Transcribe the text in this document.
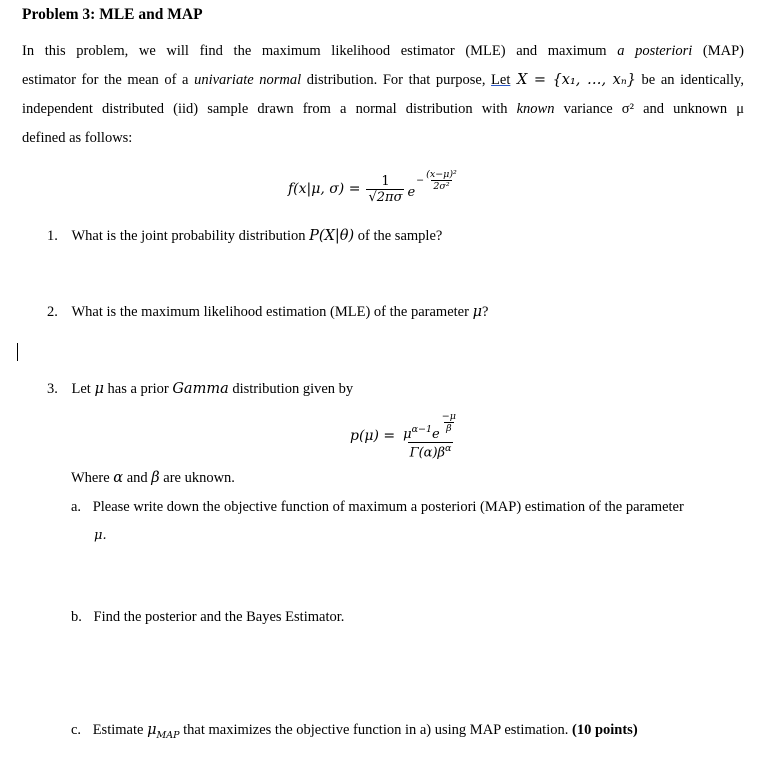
Problem 3: MLE and MAP
In this problem, we will find the maximum likelihood estimator (MLE) and maximum a posteriori (MAP)
estimator for the mean of a univariate normal distribution. For that purpose, Let X = {x₁, …, xₙ} be an identically,
independent distributed (iid) sample drawn from a normal distribution with known variance σ² and unknown μ
defined as follows:
f(x|μ, $\sigma) = \frac{1}{√2\pi\sigma}$ e
− $\frac{\text{(x−μ)²}}{\text{2σ²}}$
1. What is the joint probability distribution P(X|θ) of the sample?
2. What is the maximum likelihood estimation (MLE) of the parameter μ?
3. Let μ has a prior Gamma distribution given by
p(μ) = μ α−1 e
$\frac{-\mu}{\beta}$
$\Gamma(\alpha)\beta^\alpha$
Where α and β are uknown.
a. Please write down the objective function of maximum a posteriori (MAP) estimation of the parameter
μ.
b. Find the posterior and the Bayes Estimator.
c. Estimate $\mu_{MAP}$ that maximizes the objective function in a) using MAP estimation. (10 points)
